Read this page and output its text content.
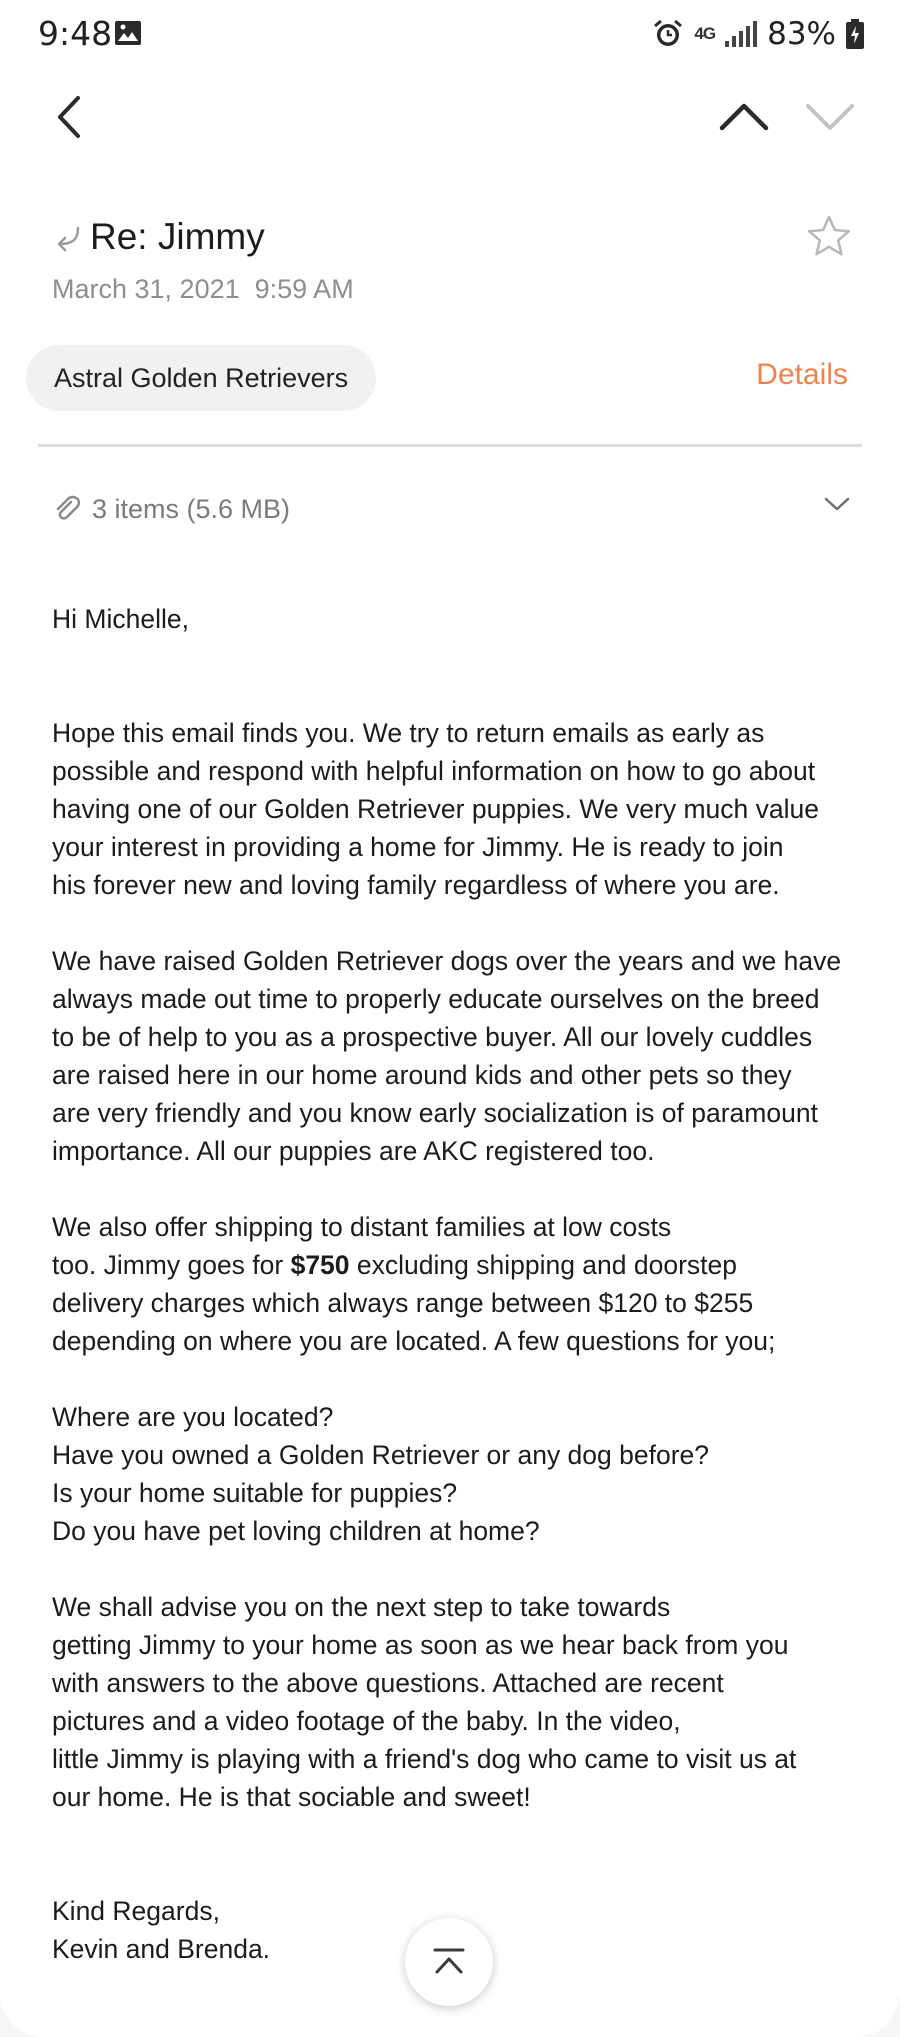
9:48	4G 83%
Re: Jimmy
March 31, 2021  9:59 AM
Astral Golden Retrievers	Details
3 items (5.6 MB)

Hi Michelle,

Hope this email finds you. We try to return emails as early as
possible and respond with helpful information on how to go about
having one of our Golden Retriever puppies. We very much value
your interest in providing a home for Jimmy. He is ready to join
his forever new and loving family regardless of where you are.

We have raised Golden Retriever dogs over the years and we have
always made out time to properly educate ourselves on the breed
to be of help to you as a prospective buyer. All our lovely cuddles
are raised here in our home around kids and other pets so they
are very friendly and you know early socialization is of paramount
importance. All our puppies are AKC registered too.

We also offer shipping to distant families at low costs
too. Jimmy goes for $750 excluding shipping and doorstep
delivery charges which always range between $120 to $255
depending on where you are located. A few questions for you;

Where are you located?
Have you owned a Golden Retriever or any dog before?
Is your home suitable for puppies?
Do you have pet loving children at home?

We shall advise you on the next step to take towards
getting Jimmy to your home as soon as we hear back from you
with answers to the above questions. Attached are recent
pictures and a video footage of the baby. In the video,
little Jimmy is playing with a friend's dog who came to visit us at
our home. He is that sociable and sweet!

Kind Regards,
Kevin and Brenda.
